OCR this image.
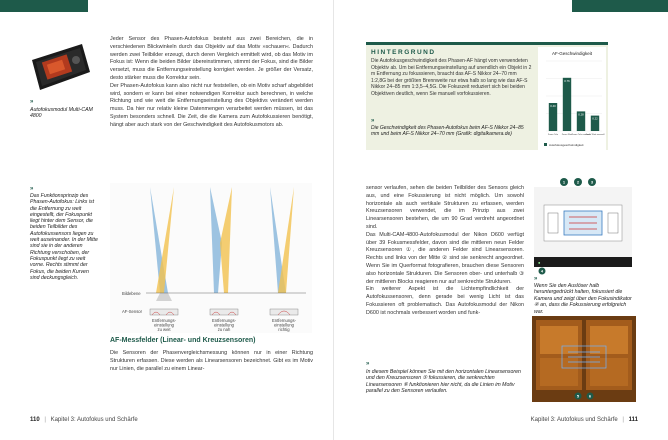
»
Autofokusmodul Multi-CAM 4800
Jeder Sensor des Phasen-Autofokus besteht aus zwei Bereichen, die in verschiedenen Blickwinkeln durch das Objektiv auf das Motiv »schauen«. Dadurch werden zwei Teilbilder erzeugt, durch deren Vergleich ermittelt wird, ob das Motiv im Fokus ist: Wenn die beiden Bilder übereinstimmen, stimmt der Fokus, sind die Bilder versetzt, muss die Entfernungseinstellung korrigiert werden. Je größer der Versatz, desto stärker muss die Korrektur sein.
Der Phasen-Autofokus kann also nicht nur feststellen, ob ein Motiv scharf abgebildet wird, sondern er kann bei einer notwendigen Korrektur auch berechnen, in welche Richtung und wie weit die Entfernungseinstellung des Objektivs verändert werden muss. Da hier nur relativ kleine Datenmengen verarbeitet werden müssen, ist das System besonders schnell. Die Zeit, die die Kamera zum Autofokussieren benötigt, hängt aber auch stark von der Geschwindigkeit des Autofokusmotors ab.
»
Das Funktionsprinzip des Phasen-Autofokus: Links ist die Entfernung zu weit eingestellt, der Fokuspunkt liegt hinter dem Sensor, die beiden Teilbilder des Autofokussensors liegen zu weit auseinander. In der Mitte sind sie in der anderen Richtung verschoben, der Fokuspunkt liegt zu weit vorne. Rechts stimmt der Fokus, die beiden Kurven sind deckungsgleich.
Bildebene
AF-Sensor
Entfernungs-einstellung zu weit
Entfernungs-einstellung zu nah
Entfernungs-einstellung richtig
AF-Messfelder (Linear- und Kreuzsensoren)
Die Sensoren der Phasenvergleichsmessung können nur in einer Richtung Strukturen erfassen. Diese werden als Linearsensoren bezeichnet. Gibt es im Motiv nur Linien, die parallel zu einem Linear-
110 | Kapitel 3: Autofokus und Schärfe
HINTERGRUND
Die Autofokusgeschwindigkeit des Phasen-AF hängt vom verwendeten Objektiv ab. Um bei Entfernungseinstellung auf unendlich ein Objekt in 2 m Entfernung zu fokussieren, braucht das AF-S Nikkor 24–70 mm 1:2,8G bei der größten Brennweite nur etwa halb so lang wie das AF-S Nikkor 24–85 mm 1:3,5–4,5G. Die Fokuszeit reduziert sich bei beiden Objektiven deutlich, wenn Sie manuell vorfokussieren.
»
Die Geschwindigkeit des Phasen-Autofokus beim AF-S Nikkor 24–85 mm und beim AF-S Nikkor 24–70 mm (Grafik: digitalkamera.de)
AF-Geschwindigkeit
0.40
Zoom Tele
0.76
Zoom Weit
0.28
Zoom Tele manuell
0.22
Zoom Weit manuell
Autofokusgeschwindigkeit
sensor verlaufen, sehen die beiden Teilbilder des Sensors gleich aus, und eine Fokussierung ist nicht möglich. Um sowohl horizontale als auch vertikale Strukturen zu erfassen, werden Kreuzsensoren verwendet, die im Prinzip aus zwei Linearsensoren bestehen, die um 90 Grad verdreht angeordnet sind.
Das Multi-CAM-4800-Autofokusmodul der Nikon D600 verfügt über 39 Fokusmessfelder, davon sind die mittleren neun Felder Kreuzsensoren ①, die anderen Felder sind Linearsensoren. Rechts und links von der Mitte ② sind sie senkrecht angeordnet. Wenn Sie im Querformat fotografieren, brauchen diese Sensoren also horizontale Strukturen. Die Sensoren ober- und unterhalb ③ der mittleren Blocks reagieren nur auf senkrechte Strukturen.
Ein weiterer Aspekt ist die Lichtempfindlichkeit der Autofokussensoren, denn gerade bei wenig Licht ist das Fokussieren oft problematisch. Das Autofokusmodul der Nikon D600 ist nochmals verbessert worden und funk-
●
1	2	3
4
»
Wenn Sie den Auslöser halb heruntergedrückt halten, fokussiert die Kamera und zeigt über den Fokusindikator ④ an, dass die Fokussierung erfolgreich war.
5 6
»
In diesem Beispiel können Sie mit den horizontalen Linearsensoren und den Kreuzsensoren ⑤ fokussieren, die senkrechten Linearsensoren ⑥ funktionieren hier nicht, da die Linien im Motiv parallel zu den Sensoren verlaufen.
Kapitel 3: Autofokus und Schärfe | 111
